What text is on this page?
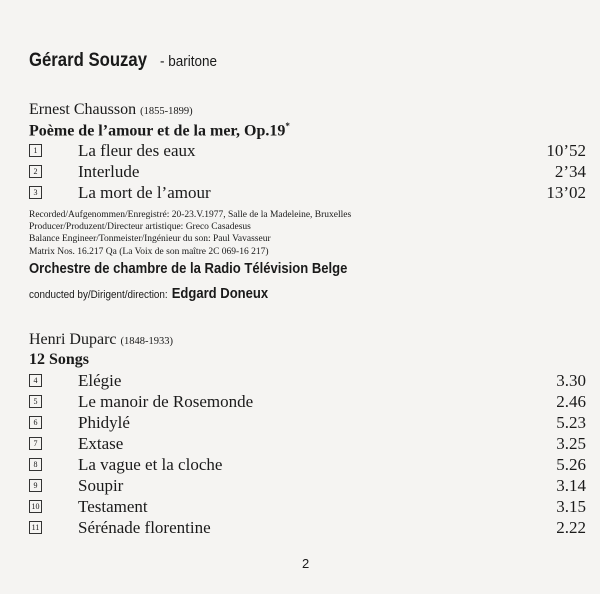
Gérard Souzay - baritone
Ernest Chausson (1855-1899)
Poème de l’amour et de la mer, Op.19*
1 La fleur des eaux	10’52
2 Interlude	2’34
3 La mort de l’amour	13’02
Recorded/Aufgenommen/Enregistré: 20-23.V.1977, Salle de la Madeleine, Bruxelles
Producer/Produzent/Directeur artistique: Greco Casadesus
Balance Engineer/Tonmeister/Ingénieur du son: Paul Vavasseur
Matrix Nos. 16.217 Qa (La Voix de son maître 2C 069-16 217)
Orchestre de chambre de la Radio Télévision Belge
conducted by/Dirigent/direction: Edgard Doneux
Henri Duparc (1848-1933)
12 Songs
4 Elégie	3.30
5 Le manoir de Rosemonde	2.46
6 Phidylé	5.23
7 Extase	3.25
8 La vague et la cloche	5.26
9 Soupir	3.14
10 Testament	3.15
11 Sérénade florentine	2.22
2
